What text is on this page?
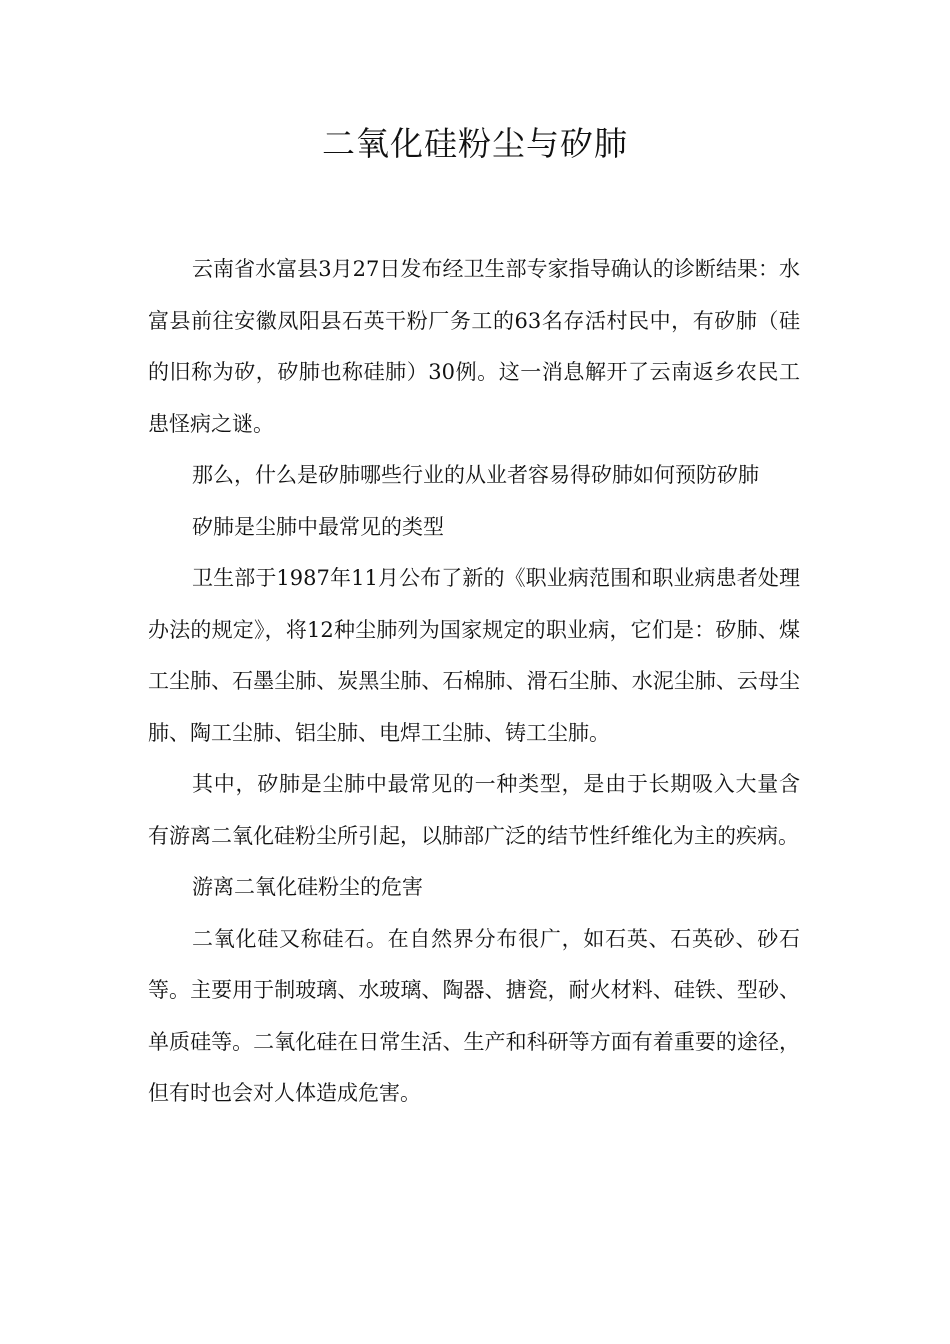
二氧化硅粉尘与矽肺

云南省水富县3月27日发布经卫生部专家指导确认的诊断结果：水富县前往安徽凤阳县石英干粉厂务工的63名存活村民中，有矽肺（硅的旧称为矽，矽肺也称硅肺）30例。这一消息解开了云南返乡农民工患怪病之谜。

那么，什么是矽肺哪些行业的从业者容易得矽肺如何预防矽肺

矽肺是尘肺中最常见的类型

卫生部于1987年11月公布了新的《职业病范围和职业病患者处理办法的规定》，将12种尘肺列为国家规定的职业病，它们是：矽肺、煤工尘肺、石墨尘肺、炭黑尘肺、石棉肺、滑石尘肺、水泥尘肺、云母尘肺、陶工尘肺、铝尘肺、电焊工尘肺、铸工尘肺。

其中，矽肺是尘肺中最常见的一种类型，是由于长期吸入大量含有游离二氧化硅粉尘所引起，以肺部广泛的结节性纤维化为主的疾病。

游离二氧化硅粉尘的危害

二氧化硅又称硅石。在自然界分布很广，如石英、石英砂、砂石等。主要用于制玻璃、水玻璃、陶器、搪瓷，耐火材料、硅铁、型砂、单质硅等。二氧化硅在日常生活、生产和科研等方面有着重要的途径，但有时也会对人体造成危害。
